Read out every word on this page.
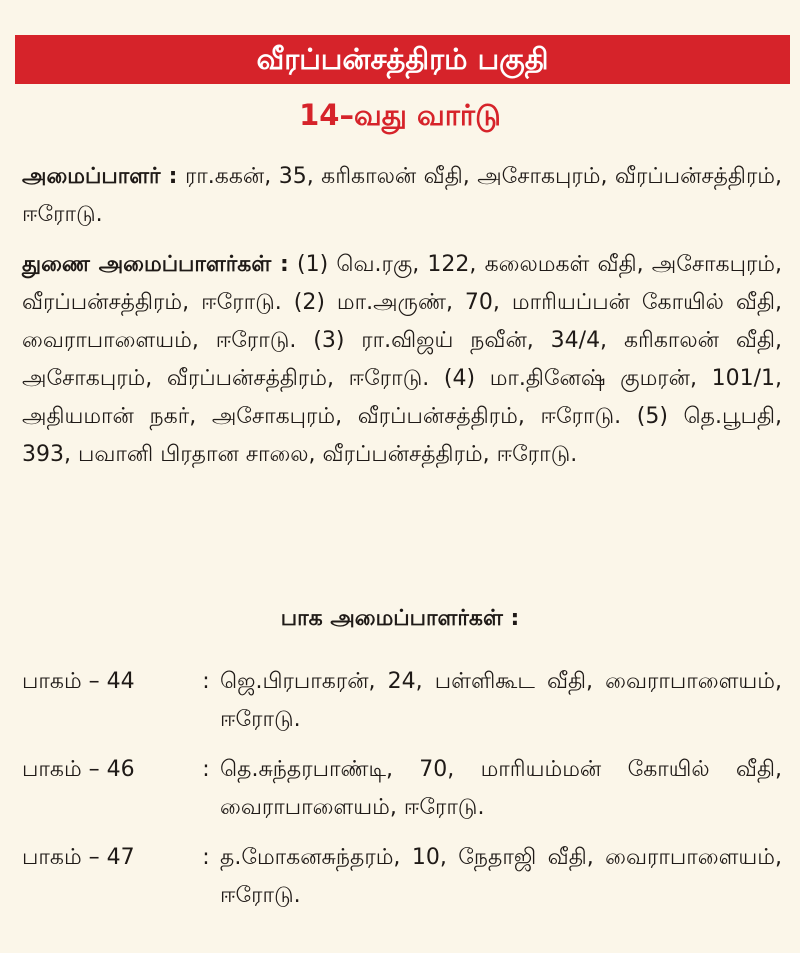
வீரப்பன்சத்திரம் பகுதி
14–வது வார்டு

அமைப்பாளர் : ரா.ககன், 35, கரிகாலன் வீதி, அசோகபுரம், வீரப்பன்சத்திரம், ஈரோடு.

துணை அமைப்பாளர்கள் : (1) வெ.ரகு, 122, கலைமகள் வீதி, அசோகபுரம், வீரப்பன்சத்திரம், ஈரோடு. (2) மா.அருண், 70, மாரியப்பன் கோயில் வீதி, வைராபாளையம், ஈரோடு. (3) ரா.விஜய் நவீன், 34/4, கரிகாலன் வீதி, அசோகபுரம், வீரப்பன்சத்திரம், ஈரோடு. (4) மா.தினேஷ் குமரன், 101/1, அதியமான் நகர், அசோகபுரம், வீரப்பன்சத்திரம், ஈரோடு. (5) தெ.பூபதி, 393, பவானி பிரதான சாலை, வீரப்பன்சத்திரம், ஈரோடு.

பாக அமைப்பாளர்கள் :
பாகம் – 44	: ஜெ.பிரபாகரன், 24, பள்ளிகூட வீதி, வைராபாளையம், ஈரோடு.
பாகம் – 46	: தெ.சுந்தரபாண்டி, 70, மாரியம்மன் கோயில் வீதி, வைராபாளையம், ஈரோடு.
பாகம் – 47	: த.மோகனசுந்தரம், 10, நேதாஜி வீதி, வைராபாளையம், ஈரோடு.
